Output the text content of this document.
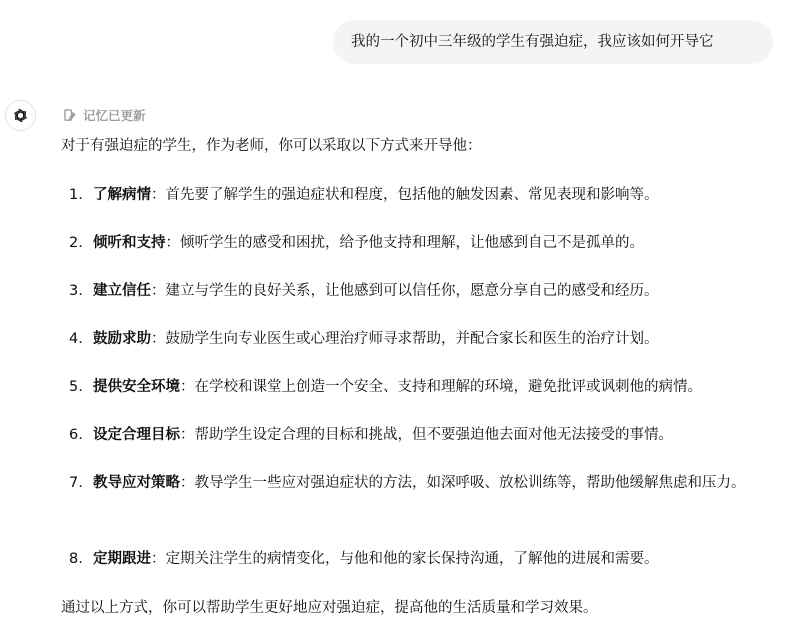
我的一个初中三年级的学生有强迫症，我应该如何开导它
记忆已更新
对于有强迫症的学生，作为老师，你可以采取以下方式来开导他：
1. 了解病情：首先要了解学生的强迫症状和程度，包括他的触发因素、常见表现和影响等。
2. 倾听和支持：倾听学生的感受和困扰，给予他支持和理解，让他感到自己不是孤单的。
3. 建立信任：建立与学生的良好关系，让他感到可以信任你，愿意分享自己的感受和经历。
4. 鼓励求助：鼓励学生向专业医生或心理治疗师寻求帮助，并配合家长和医生的治疗计划。
5. 提供安全环境：在学校和课堂上创造一个安全、支持和理解的环境，避免批评或讽刺他的病情。
6. 设定合理目标：帮助学生设定合理的目标和挑战，但不要强迫他去面对他无法接受的事情。
7. 教导应对策略：教导学生一些应对强迫症状的方法，如深呼吸、放松训练等，帮助他缓解焦虑和压力。
8. 定期跟进：定期关注学生的病情变化，与他和他的家长保持沟通，了解他的进展和需要。
通过以上方式，你可以帮助学生更好地应对强迫症，提高他的生活质量和学习效果。
